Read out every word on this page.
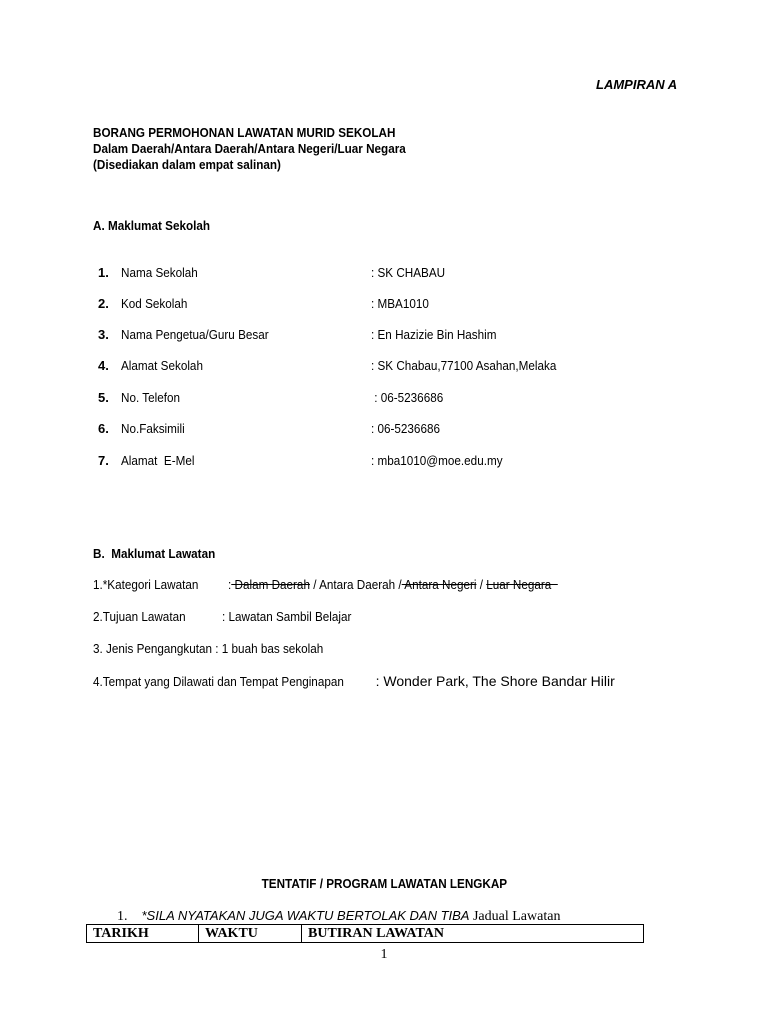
LAMPIRAN A
BORANG PERMOHONAN LAWATAN MURID SEKOLAH
Dalam Daerah/Antara Daerah/Antara Negeri/Luar Negara
(Disediakan dalam empat salinan)
A. Maklumat Sekolah
1. Nama Sekolah	: SK CHABAU
2. Kod Sekolah	: MBA1010
3. Nama Pengetua/Guru Besar	: En Hazizie Bin Hashim
4. Alamat Sekolah	: SK Chabau,77100 Asahan,Melaka
5. No. Telefon	: 06-5236686
6. No.Faksimili	: 06-5236686
7. Alamat  E-Mel	: mba1010@moe.edu.my
B.  Maklumat Lawatan
1.*Kategori Lawatan	: Dalam Daerah / Antara Daerah / Antara Negeri / Luar Negara
2.Tujuan Lawatan	: Lawatan Sambil Belajar
3. Jenis Pengangkutan : 1 buah bas sekolah
4.Tempat yang Dilawati dan Tempat Penginapan : Wonder Park, The Shore Bandar Hilir
TENTATIF / PROGRAM LAWATAN LENGKAP
1. *SILA NYATAKAN JUGA WAKTU BERTOLAK DAN TIBA Jadual Lawatan
TARIKH	WAKTU	BUTIRAN LAWATAN
1
